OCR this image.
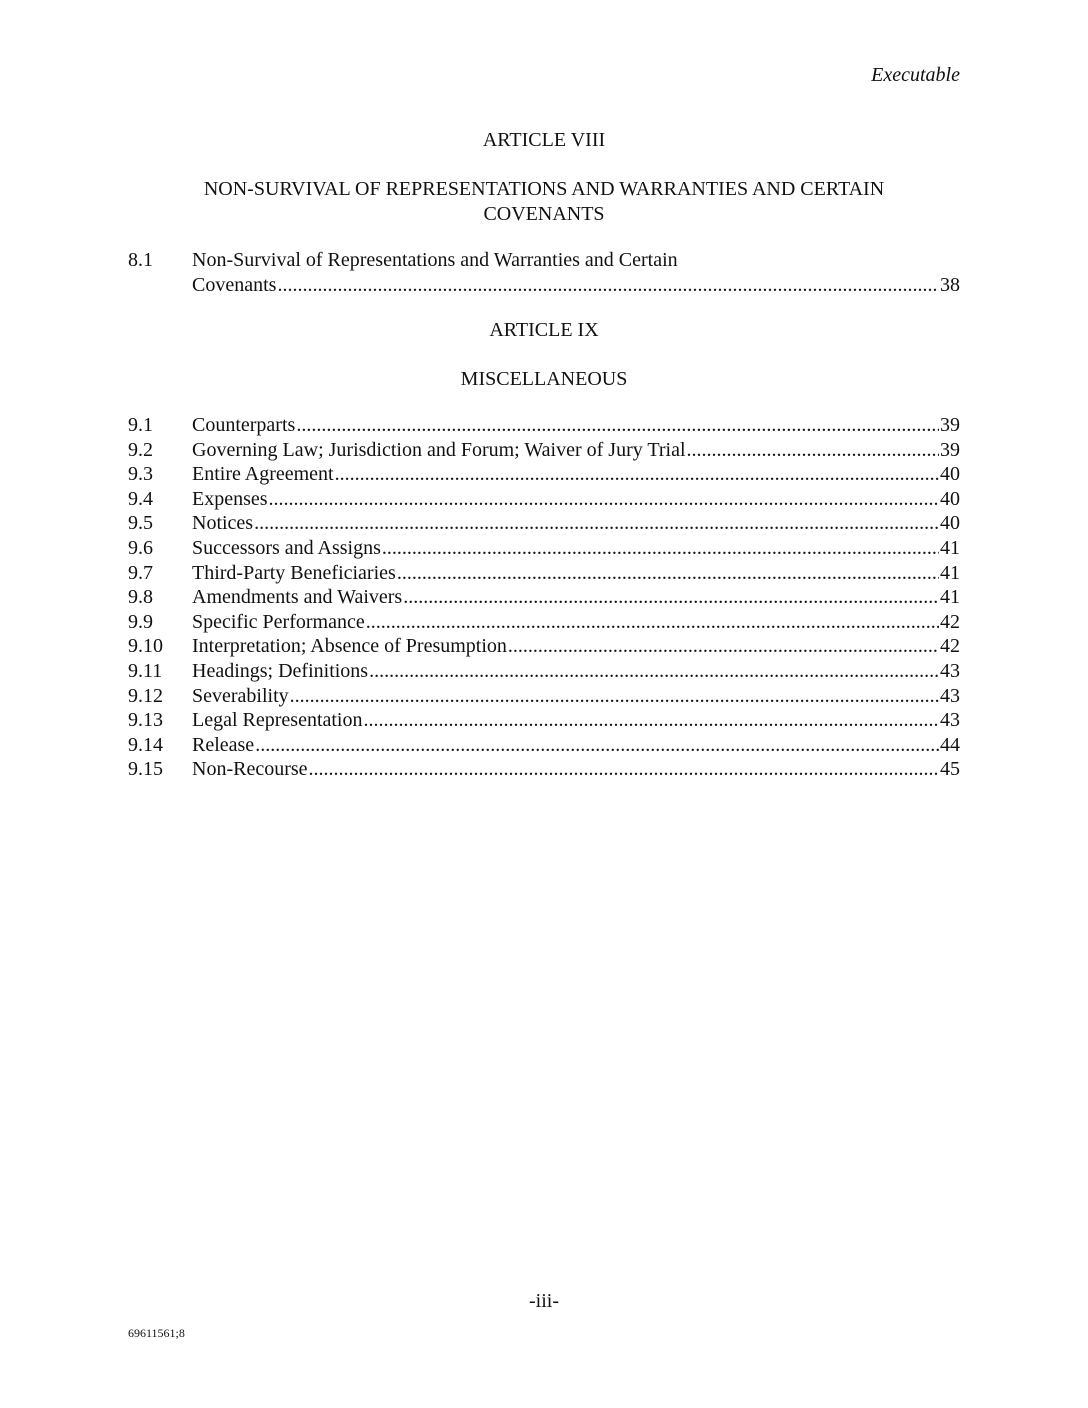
Executable
ARTICLE VIII
NON-SURVIVAL OF REPRESENTATIONS AND WARRANTIES AND CERTAIN
COVENANTS
8.1 Non-Survival of Representations and Warranties and Certain
Covenants .....	38
ARTICLE IX
MISCELLANEOUS
9.1 Counterparts .....	39
9.2 Governing Law; Jurisdiction and Forum; Waiver of Jury Trial .....	39
9.3 Entire Agreement .....	40
9.4 Expenses .....	40
9.5 Notices .....	40
9.6 Successors and Assigns .....	41
9.7 Third-Party Beneficiaries .....	41
9.8 Amendments and Waivers .....	41
9.9 Specific Performance .....	42
9.10 Interpretation; Absence of Presumption .....	42
9.11 Headings; Definitions .....	43
9.12 Severability .....	43
9.13 Legal Representation .....	43
9.14 Release .....	44
9.15 Non-Recourse .....	45
-iii-
69611561;8
